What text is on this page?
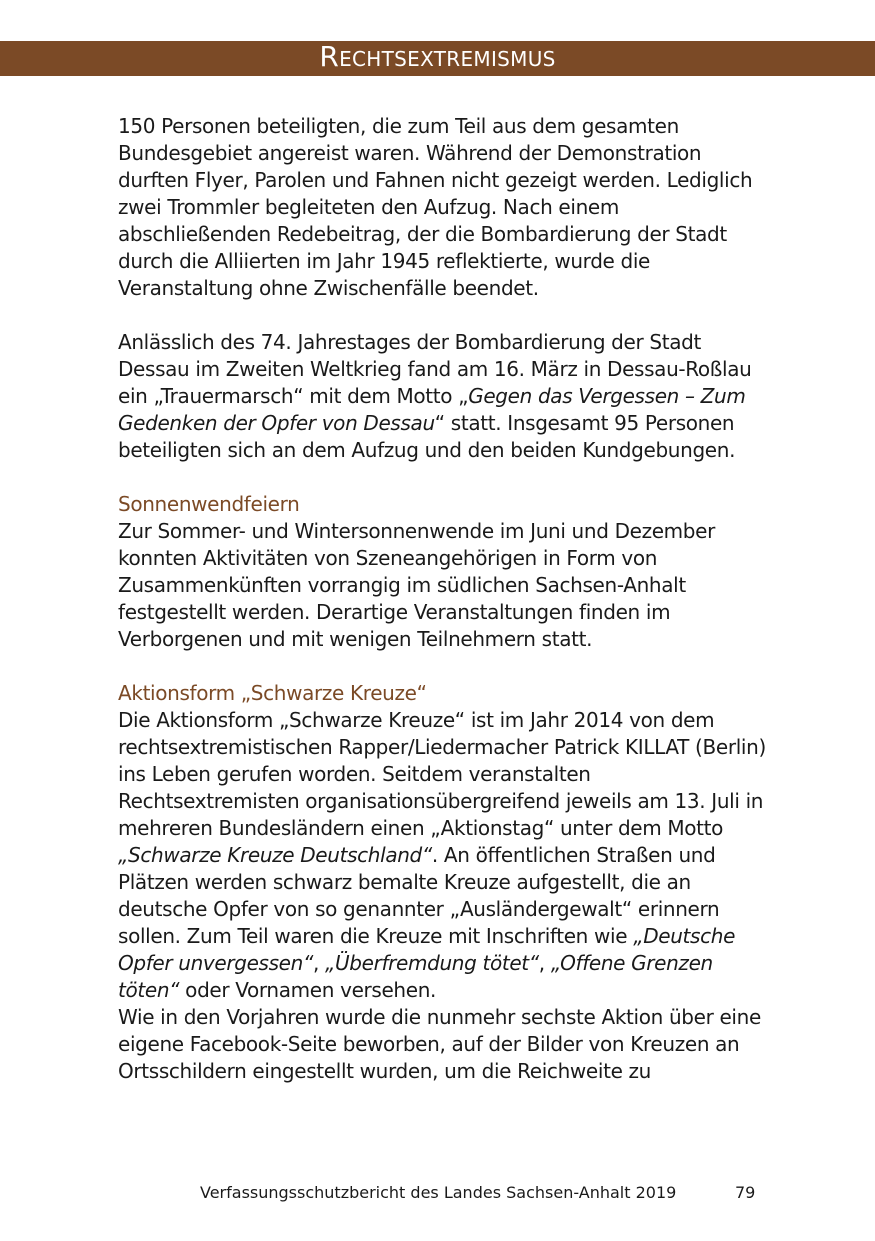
Rechtsextremismus

150 Personen beteiligten, die zum Teil aus dem gesamten Bundesgebiet angereist waren. Während der Demonstration durften Flyer, Parolen und Fahnen nicht gezeigt werden. Lediglich zwei Trommler begleiteten den Aufzug. Nach einem abschließenden Redebeitrag, der die Bombardierung der Stadt durch die Alliierten im Jahr 1945 reflektierte, wurde die Veranstaltung ohne Zwischenfälle beendet.

Anlässlich des 74. Jahrestages der Bombardierung der Stadt Dessau im Zweiten Weltkrieg fand am 16. März in Dessau-Roßlau ein „Trauermarsch“ mit dem Motto „Gegen das Vergessen – Zum Gedenken der Opfer von Dessau“ statt. Insgesamt 95 Personen beteiligten sich an dem Aufzug und den beiden Kundgebungen.

Sonnenwendfeiern

Zur Sommer- und Wintersonnenwende im Juni und Dezember konnten Aktivitäten von Szeneangehörigen in Form von Zusammenkünften vorrangig im südlichen Sachsen-Anhalt festgestellt werden. Derartige Veranstaltungen finden im Verborgenen und mit wenigen Teilnehmern statt.

Aktionsform „Schwarze Kreuze“

Die Aktionsform „Schwarze Kreuze“ ist im Jahr 2014 von dem rechtsextremistischen Rapper/Liedermacher Patrick KILLAT (Berlin) ins Leben gerufen worden. Seitdem veranstalten Rechtsextremisten organisationsübergreifend jeweils am 13. Juli in mehreren Bundesländern einen „Aktionstag“ unter dem Motto „Schwarze Kreuze Deutschland“. An öffentlichen Straßen und Plätzen werden schwarz bemalte Kreuze aufgestellt, die an deutsche Opfer von so genannter „Ausländergewalt“ erinnern sollen. Zum Teil waren die Kreuze mit Inschriften wie „Deutsche Opfer unvergessen“, „Überfremdung tötet“, „Offene Grenzen töten“ oder Vornamen versehen.

Wie in den Vorjahren wurde die nunmehr sechste Aktion über eine eigene Facebook-Seite beworben, auf der Bilder von Kreuzen an Ortsschildern eingestellt wurden, um die Reichweite zu

Verfassungsschutzbericht des Landes Sachsen-Anhalt 2019	79
